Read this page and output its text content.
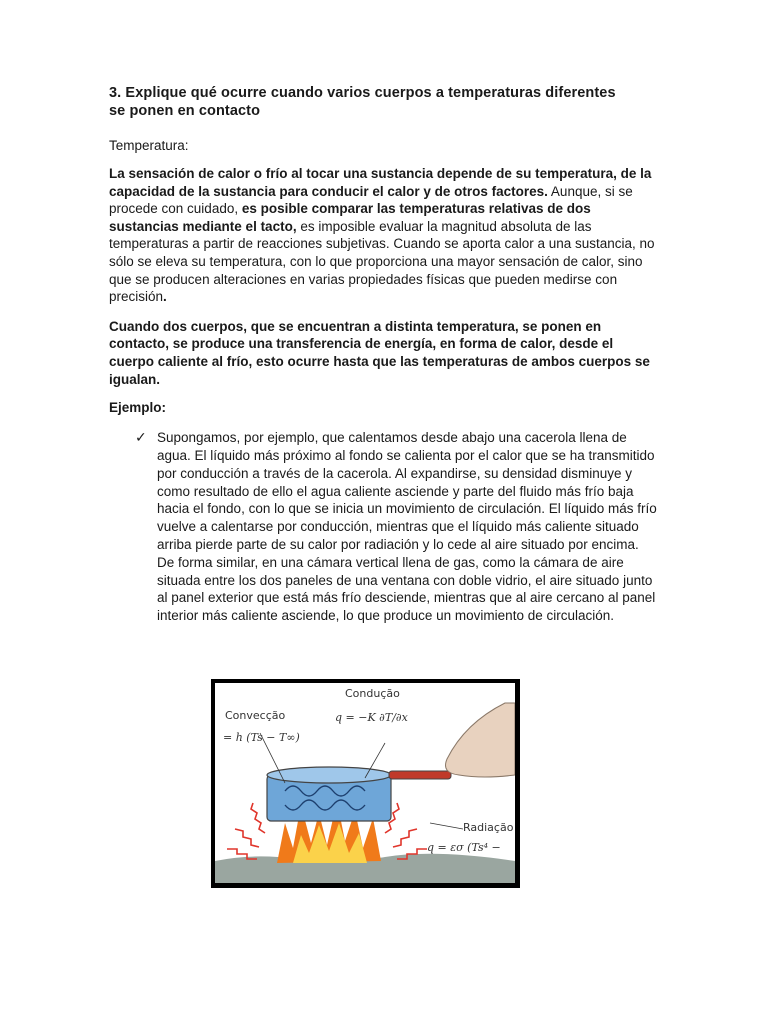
3. Explique qué ocurre cuando varios cuerpos a temperaturas diferentes
se ponen en contacto
Temperatura:

La sensación de calor o frío al tocar una sustancia depende de su temperatura, de la capacidad de la sustancia para conducir el calor y de otros factores. Aunque, si se procede con cuidado, es posible comparar las temperaturas relativas de dos sustancias mediante el tacto, es imposible evaluar la magnitud absoluta de las temperaturas a partir de reacciones subjetivas. Cuando se aporta calor a una sustancia, no sólo se eleva su temperatura, con lo que proporciona una mayor sensación de calor, sino que se producen alteraciones en varias propiedades físicas que pueden medirse con precisión.

Cuando dos cuerpos, que se encuentran a distinta temperatura, se ponen en contacto, se produce una transferencia de energía, en forma de calor, desde el cuerpo caliente al frío, esto ocurre hasta que las temperaturas de ambos cuerpos se igualan.

Ejemplo:
✓ Supongamos, por ejemplo, que calentamos desde abajo una cacerola llena de agua. El líquido más próximo al fondo se calienta por el calor que se ha transmitido por conducción a través de la cacerola. Al expandirse, su densidad disminuye y como resultado de ello el agua caliente asciende y parte del fluido más frío baja hacia el fondo, con lo que se inicia un movimiento de circulación. El líquido más frío vuelve a calentarse por conducción, mientras que el líquido más caliente situado arriba pierde parte de su calor por radiación y lo cede al aire situado por encima. De forma similar, en una cámara vertical llena de gas, como la cámara de aire situada entre los dos paneles de una ventana con doble vidrio, el aire situado junto al panel exterior que está más frío desciende, mientras que al aire cercano al panel interior más caliente asciende, lo que produce un movimiento de circulación.
Condução
q = −K ∂T/∂x
Convecção
= h (Ts − T∞)
Radiação
q = εσ (Ts⁴ −
